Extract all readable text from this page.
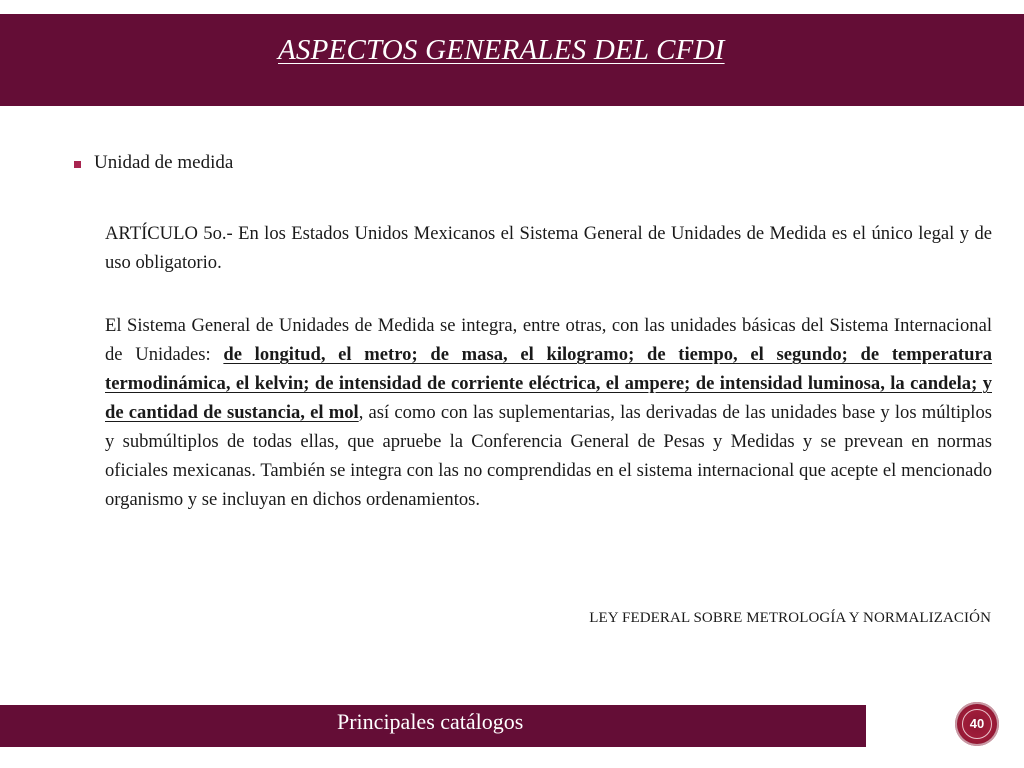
ASPECTOS GENERALES DEL CFDI
Unidad de medida

ARTÍCULO 5o.- En los Estados Unidos Mexicanos el Sistema General de Unidades de Medida es el único legal y de uso obligatorio.

El Sistema General de Unidades de Medida se integra, entre otras, con las unidades básicas del Sistema Internacional de Unidades: de longitud, el metro; de masa, el kilogramo; de tiempo, el segundo; de temperatura termodinámica, el kelvin; de intensidad de corriente eléctrica, el ampere; de intensidad luminosa, la candela; y de cantidad de sustancia, el mol, así como con las suplementarias, las derivadas de las unidades base y los múltiplos y submúltiplos de todas ellas, que apruebe la Conferencia General de Pesas y Medidas y se prevean en normas oficiales mexicanas. También se integra con las no comprendidas en el sistema internacional que acepte el mencionado organismo y se incluyan en dichos ordenamientos.

LEY FEDERAL SOBRE METROLOGÍA Y NORMALIZACIÓN
Principales catálogos	40
